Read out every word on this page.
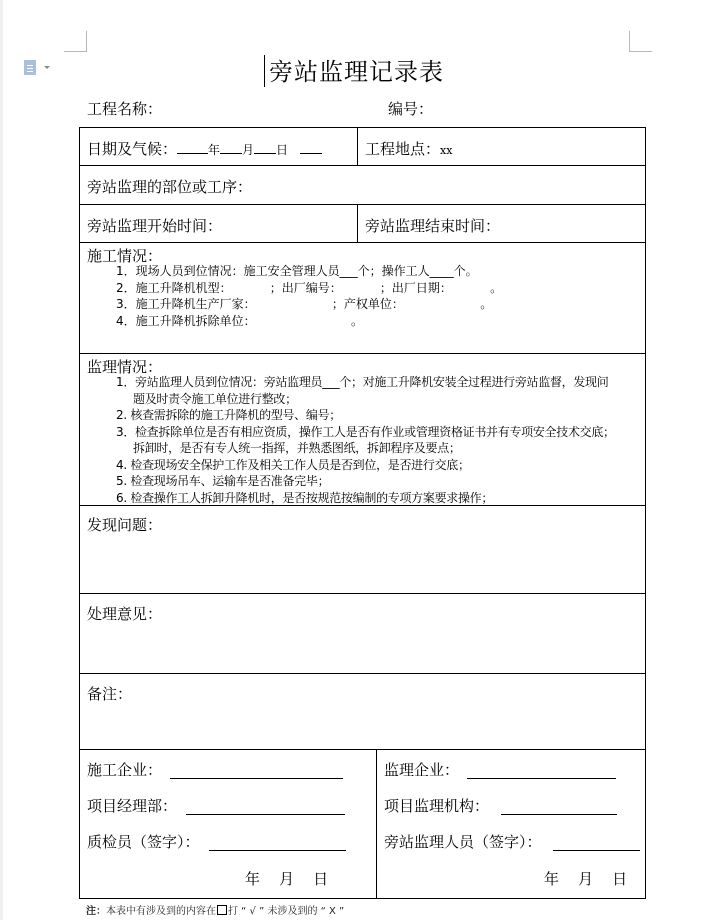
旁站监理记录表
工程名称：	编号：
日期及气候：	年 月 日	工程地点：xx
旁站监理的部位或工序：
旁站监理开始时间：	旁站监理结束时间：
施工情况：
1．现场人员到位情况：施工安全管理人员___个；操作工人____个。
2．施工升降机机型：          ；出厂编号：          ；出厂日期：          。
3．施工升降机生产厂家：                    ；产权单位：                    。
4．施工升降机拆除单位：                         。
监理情况：
1．旁站监理人员到位情况：旁站监理员___个；对施工升降机安装全过程进行旁站监督，发现问
题及时责令施工单位进行整改；
2. 核查需拆除的施工升降机的型号、编号；
3．检查拆除单位是否有相应资质，操作工人是否有作业或管理资格证书并有专项安全技术交底；
拆卸时，是否有专人统一指挥，并熟悉图纸，拆卸程序及要点；
4. 检查现场安全保护工作及相关工作人员是否到位，是否进行交底；
5. 检查现场吊车、运输车是否准备完毕；
6. 检查操作工人拆卸升降机时，是否按规范按编制的专项方案要求操作；
发现问题：
处理意见：
备注：
施工企业：
项目经理部：
质检员（签字）：
年    月    日
监理企业：
项目监理机构：
旁站监理人员（签字）：
年    月    日
注：本表中有涉及到的内容在 打 “ √ ” 未涉及到的 “ X ”
